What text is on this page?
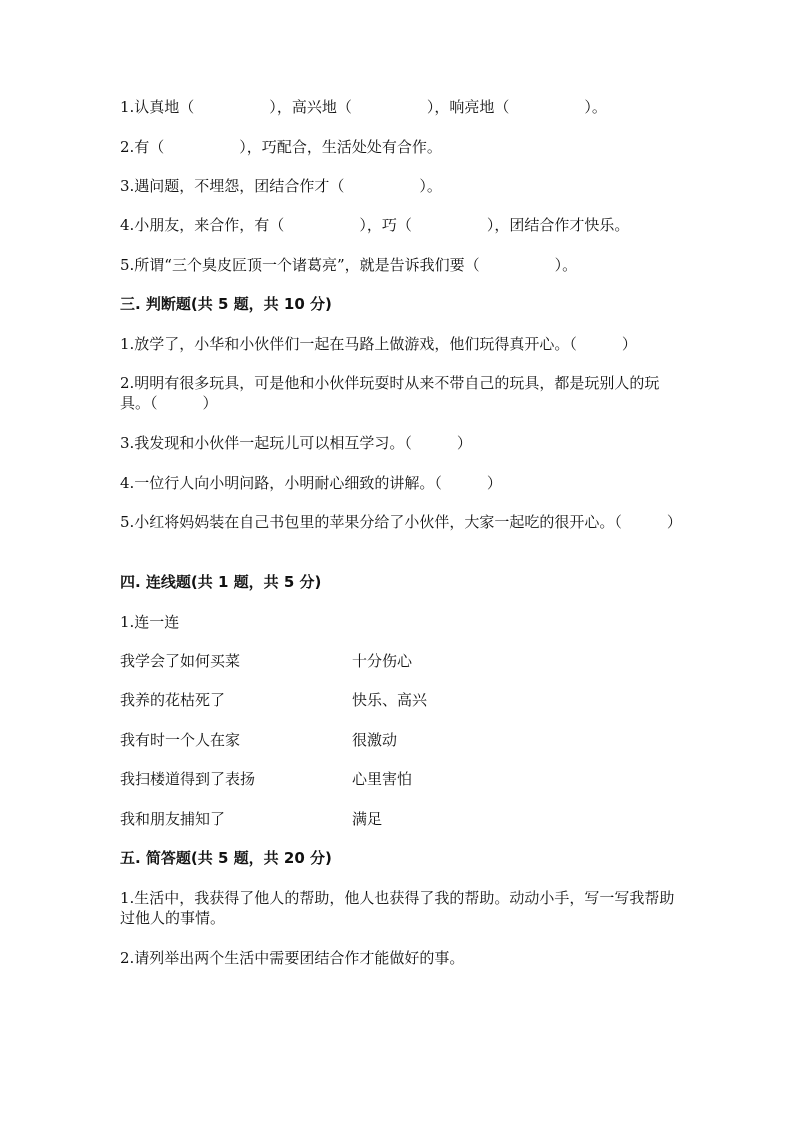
1.认真地（　　　　　），高兴地（　　　　　），响亮地（　　　　　）。
2.有（　　　　　），巧配合，生活处处有合作。
3.遇问题，不埋怨，团结合作才（　　　　　）。
4.小朋友，来合作，有（　　　　　），巧（　　　　　），团结合作才快乐。
5.所谓“三个臭皮匠顶一个诸葛亮”，就是告诉我们要（　　　　　）。
三. 判断题(共 5 题，共 10 分)
1.放学了，小华和小伙伴们一起在马路上做游戏，他们玩得真开心。（　　　）
2.明明有很多玩具，可是他和小伙伴玩耍时从来不带自己的玩具，都是玩别人的玩具。（　　　）
3.我发现和小伙伴一起玩儿可以相互学习。（　　　）
4.一位行人向小明问路，小明耐心细致的讲解。（　　　）
5.小红将妈妈装在自己书包里的苹果分给了小伙伴，大家一起吃的很开心。（　　　）
四. 连线题(共 1 题，共 5 分)
1.连一连
我学会了如何买菜	十分伤心
我养的花枯死了	快乐、高兴
我有时一个人在家	很激动
我扫楼道得到了表扬	心里害怕
我和朋友捕知了	满足
五. 简答题(共 5 题，共 20 分)
1.生活中，我获得了他人的帮助，他人也获得了我的帮助。动动小手，写一写我帮助过他人的事情。
2.请列举出两个生活中需要团结合作才能做好的事。
